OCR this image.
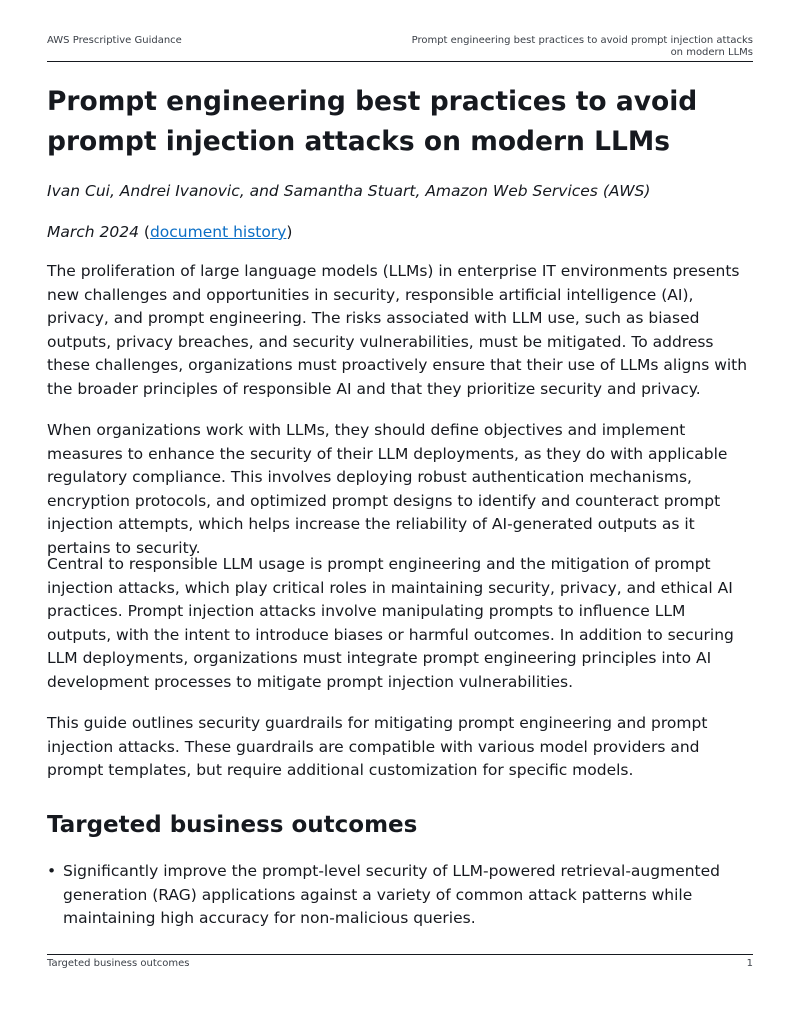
AWS Prescriptive Guidance	Prompt engineering best practices to avoid prompt injection attacks
on modern LLMs
Prompt engineering best practices to avoid prompt injection attacks on modern LLMs

Ivan Cui, Andrei Ivanovic, and Samantha Stuart, Amazon Web Services (AWS)

March 2024 (document history)

The proliferation of large language models (LLMs) in enterprise IT environments presents new challenges and opportunities in security, responsible artificial intelligence (AI), privacy, and prompt engineering. The risks associated with LLM use, such as biased outputs, privacy breaches, and security vulnerabilities, must be mitigated. To address these challenges, organizations must proactively ensure that their use of LLMs aligns with the broader principles of responsible AI and that they prioritize security and privacy.

When organizations work with LLMs, they should define objectives and implement measures to enhance the security of their LLM deployments, as they do with applicable regulatory compliance. This involves deploying robust authentication mechanisms, encryption protocols, and optimized prompt designs to identify and counteract prompt injection attempts, which helps increase the reliability of AI-generated outputs as it pertains to security.

Central to responsible LLM usage is prompt engineering and the mitigation of prompt injection attacks, which play critical roles in maintaining security, privacy, and ethical AI practices. Prompt injection attacks involve manipulating prompts to influence LLM outputs, with the intent to introduce biases or harmful outcomes. In addition to securing LLM deployments, organizations must integrate prompt engineering principles into AI development processes to mitigate prompt injection vulnerabilities.

This guide outlines security guardrails for mitigating prompt engineering and prompt injection attacks. These guardrails are compatible with various model providers and prompt templates, but require additional customization for specific models.

Targeted business outcomes
• Significantly improve the prompt-level security of LLM-powered retrieval-augmented generation (RAG) applications against a variety of common attack patterns while maintaining high accuracy for non-malicious queries.
Targeted business outcomes	1
